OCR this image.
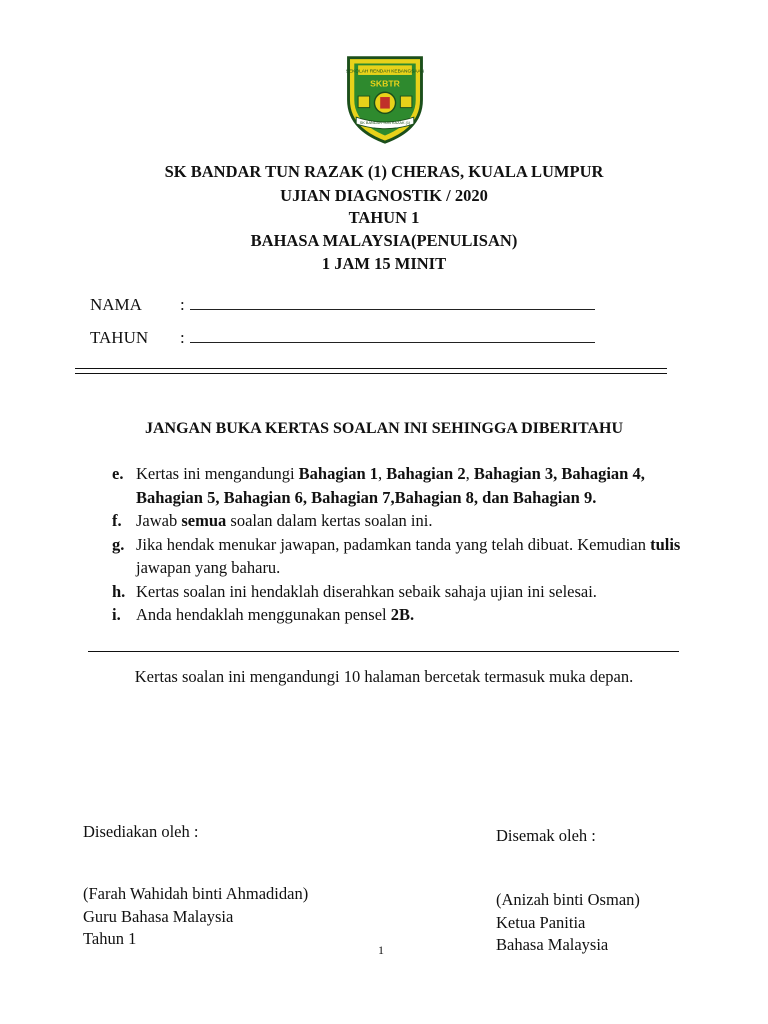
SEKOLAH RENDAH KEBANGSAAN
SKBTR
SK BANDAR TUN RAZAK (1)
SK BANDAR TUN RAZAK (1) CHERAS, KUALA LUMPUR
UJIAN DIAGNOSTIK / 2020
TAHUN 1
BAHASA MALAYSIA(PENULISAN)
1 JAM 15 MINIT
NAMA :
TAHUN :
JANGAN BUKA KERTAS SOALAN INI SEHINGGA DIBERITAHU
e. Kertas ini mengandungi Bahagian 1, Bahagian 2, Bahagian 3, Bahagian 4, Bahagian 5, Bahagian 6, Bahagian 7,Bahagian 8, dan Bahagian 9.
f. Jawab semua soalan dalam kertas soalan ini.
g. Jika hendak menukar jawapan, padamkan tanda yang telah dibuat. Kemudian tulis jawapan yang baharu.
h. Kertas soalan ini hendaklah diserahkan sebaik sahaja ujian ini selesai.
i. Anda hendaklah menggunakan pensel 2B.
Kertas soalan ini mengandungi 10 halaman bercetak termasuk muka depan.
Disediakan oleh :	Disemak oleh :
(Farah Wahidah binti Ahmadidan)
Guru Bahasa Malaysia
Tahun 1
(Anizah binti Osman)
Ketua Panitia
Bahasa Malaysia
1
